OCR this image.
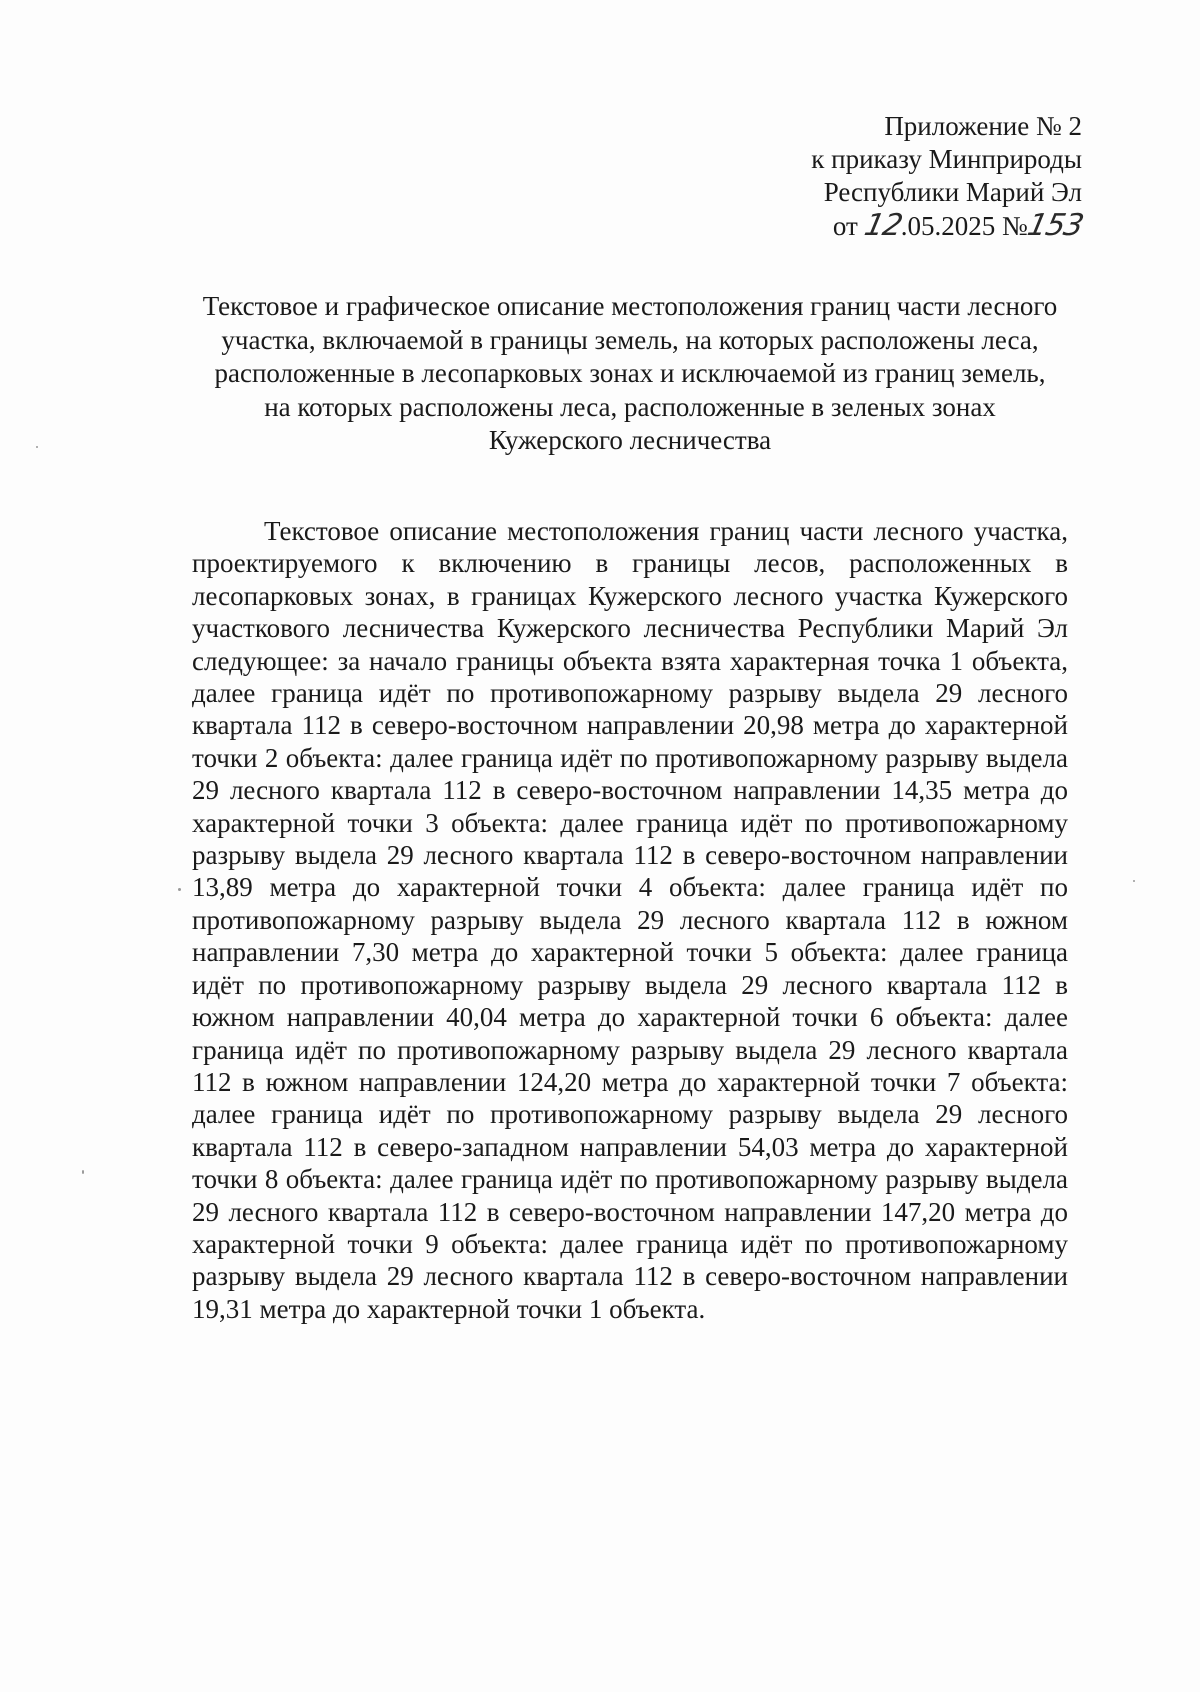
Приложение № 2
к приказу Минприроды
Республики Марий Эл
от 12.05.2025 №153
Текстовое и графическое описание местоположения границ части лесного участка, включаемой в границы земель, на которых расположены леса, расположенные в лесопарковых зонах и исключаемой из границ земель, на которых расположены леса, расположенные в зеленых зонах Кужерского лесничества

Текстовое описание местоположения границ части лесного участка, проектируемого к включению в границы лесов, расположенных в лесопарковых зонах, в границах Кужерского лесного участка Кужерского участкового лесничества Кужерского лесничества Республики Марий Эл следующее: за начало границы объекта взята характерная точка 1 объекта, далее граница идёт по противопожарному разрыву выдела 29 лесного квартала 112 в северо-восточном направлении 20,98 метра до характерной точки 2 объекта: далее граница идёт по противопожарному разрыву выдела 29 лесного квартала 112 в северо-восточном направлении 14,35 метра до характерной точки 3 объекта: далее граница идёт по противопожарному разрыву выдела 29 лесного квартала 112 в северо-восточном направлении 13,89 метра до характерной точки 4 объекта: далее граница идёт по противопожарному разрыву выдела 29 лесного квартала 112 в южном направлении 7,30 метра до характерной точки 5 объекта: далее граница идёт по противопожарному разрыву выдела 29 лесного квартала 112 в южном направлении 40,04 метра до характерной точки 6 объекта: далее граница идёт по противопожарному разрыву выдела 29 лесного квартала 112 в южном направлении 124,20 метра до характерной точки 7 объекта: далее граница идёт по противопожарному разрыву выдела 29 лесного квартала 112 в северо-западном направлении 54,03 метра до характерной точки 8 объекта: далее граница идёт по противопожарному разрыву выдела 29 лесного квартала 112 в северо-восточном направлении 147,20 метра до характерной точки 9 объекта: далее граница идёт по противопожарному разрыву выдела 29 лесного квартала 112 в северо-восточном направлении 19,31 метра до характерной точки 1 объекта.
